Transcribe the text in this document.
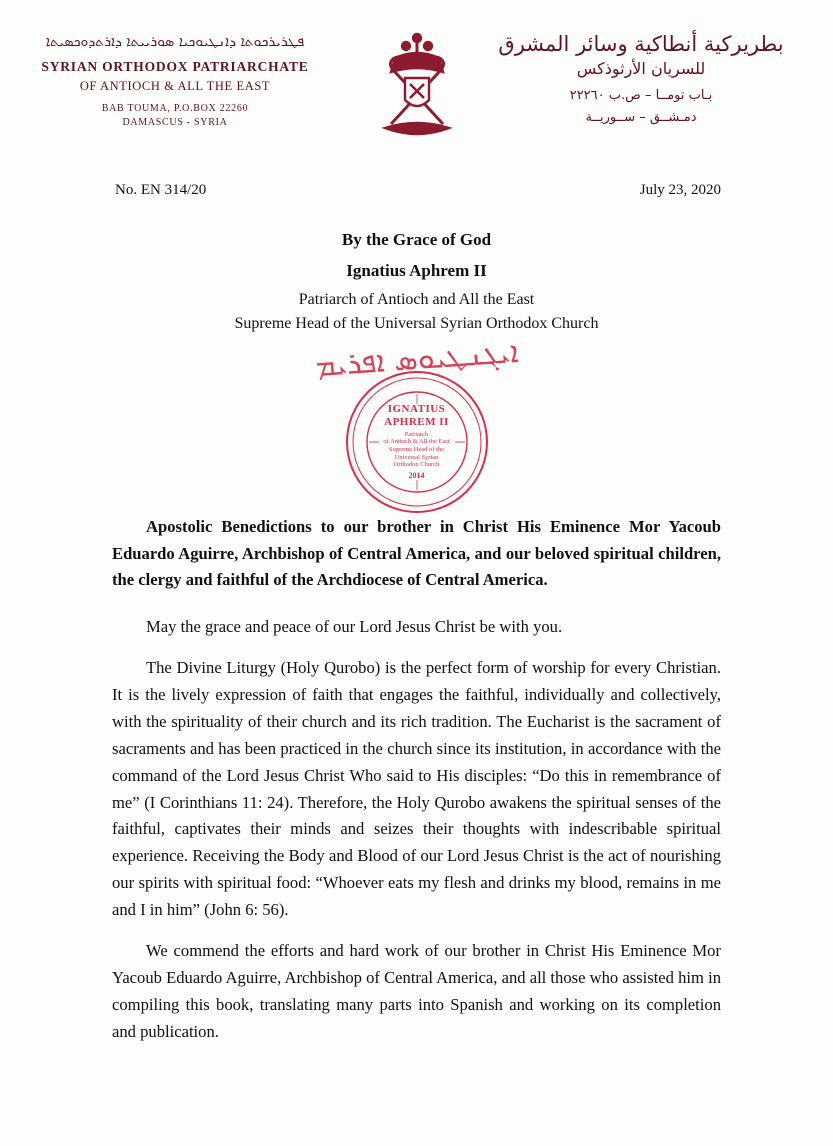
ܦܛܪܝܪܟܘܬܐ ܕܐܢܛܝܘܟܝܐ ܣܘܪܝܝܬܐ ܕܐܪܬܕܘܟܣܝܬܐ
SYRIAN ORTHODOX PATRIARCHATE
OF ANTIOCH & ALL THE EAST
BAB TOUMA, P.O.BOX 22260
DAMASCUS - SYRIA
بطريركية أنطاكية وسائر المشرق
للسريان الأرثوذكس
بـاب تومــا – ص.ب ٢٢٢٦٠
دمـشــق – ســوريــة
No. EN 314/20	July 23, 2020
By the Grace of God
Ignatius Aphrem II
Patriarch of Antioch and All the East
Supreme Head of the Universal Syrian Orthodox Church
ܐܝܓܢܛܝܘܣ ܐܦܪܝܡ
IGNATIUS
APHREM II
Patriarch
of Antioch & All the East
Supreme Head of the
Universal Syrian
Orthodox Church
2014
Apostolic Benedictions to our brother in Christ His Eminence Mor Yacoub Eduardo Aguirre, Archbishop of Central America, and our beloved spiritual children, the clergy and faithful of the Archdiocese of Central America.
May the grace and peace of our Lord Jesus Christ be with you.
The Divine Liturgy (Holy Qurobo) is the perfect form of worship for every Christian. It is the lively expression of faith that engages the faithful, individually and collectively, with the spirituality of their church and its rich tradition. The Eucharist is the sacrament of sacraments and has been practiced in the church since its institution, in accordance with the command of the Lord Jesus Christ Who said to His disciples: “Do this in remembrance of me” (I Corinthians 11: 24). Therefore, the Holy Qurobo awakens the spiritual senses of the faithful, captivates their minds and seizes their thoughts with indescribable spiritual experience. Receiving the Body and Blood of our Lord Jesus Christ is the act of nourishing our spirits with spiritual food: “Whoever eats my flesh and drinks my blood, remains in me and I in him” (John 6: 56).
We commend the efforts and hard work of our brother in Christ His Eminence Mor Yacoub Eduardo Aguirre, Archbishop of Central America, and all those who assisted him in compiling this book, translating many parts into Spanish and working on its completion and publication.
